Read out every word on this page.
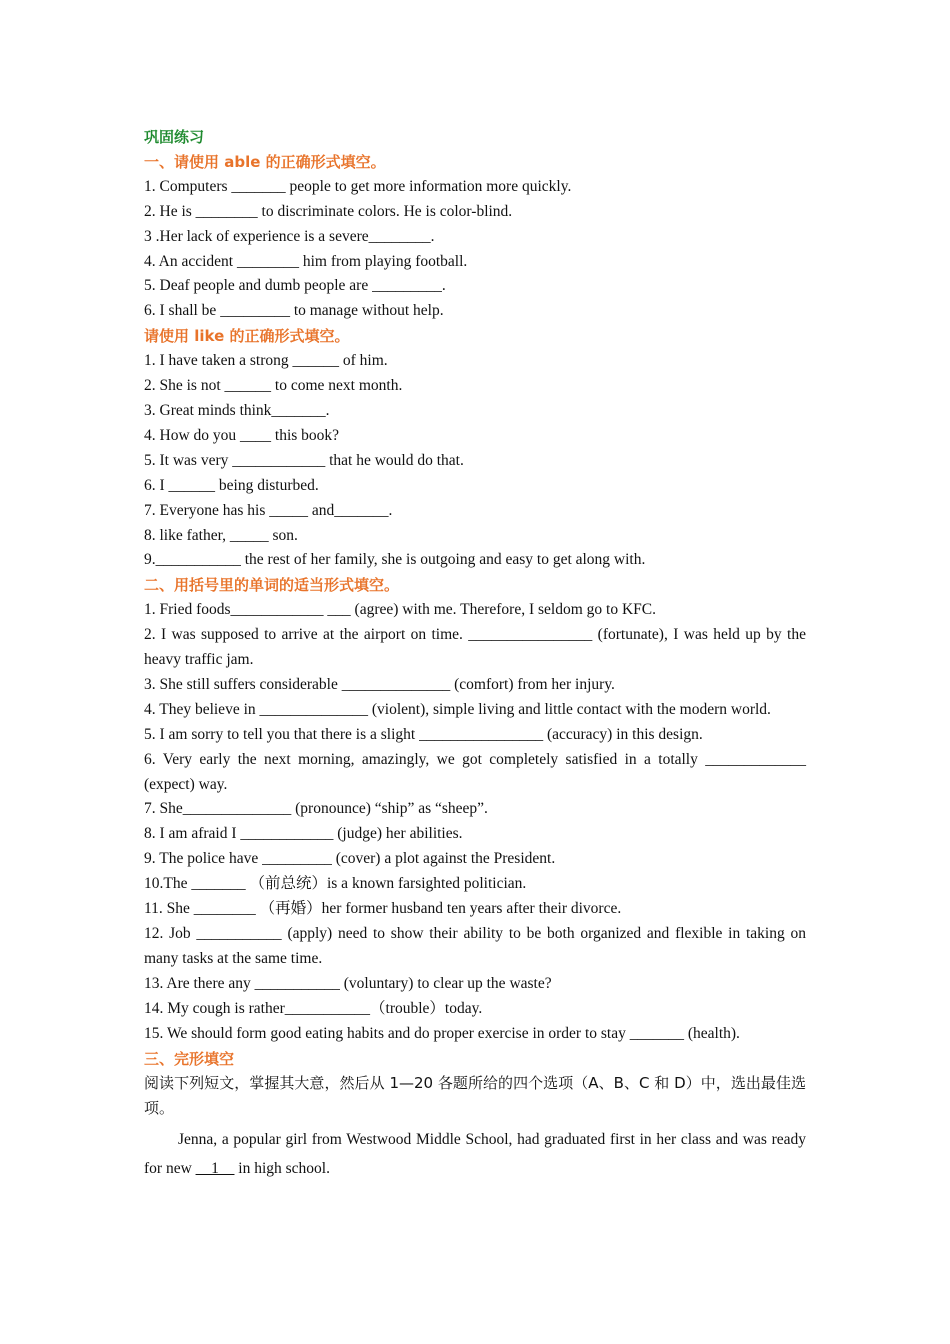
巩固练习
一、请使用 able 的正确形式填空。
1. Computers _______ people to get more information more quickly.
2. He is ________ to discriminate colors. He is color-blind.
3 .Her lack of experience is a severe________.
4. An accident ________ him from playing football.
5. Deaf people and dumb people are _________.
6. I shall be _________ to manage without help.
请使用 like 的正确形式填空。
1. I have taken a strong ______ of him.
2. She is not ______ to come next month.
3. Great minds think_______.
4. How do you ____ this book?
5. It was very ____________ that he would do that.
6. I ______ being disturbed.
7. Everyone has his _____ and_______.
8. like father, _____ son.
9.___________ the rest of her family, she is outgoing and easy to get along with.
二、用括号里的单词的适当形式填空。
1. Fried foods____________ ___ (agree) with me. Therefore, I seldom go to KFC.
2. I was supposed to arrive at the airport on time. ________________ (fortunate), I was held up by the heavy traffic jam.
3. She still suffers considerable ______________ (comfort) from her injury.
4. They believe in ______________ (violent), simple living and little contact with the modern world.
5. I am sorry to tell you that there is a slight ________________ (accuracy) in this design.
6. Very early the next morning, amazingly, we got completely satisfied in a totally _____________ (expect) way.
7. She______________ (pronounce) “ship” as “sheep”.
8. I am afraid I ____________ (judge) her abilities.
9. The police have _________ (cover) a plot against the President.
10.The _______ （前总统）is a known farsighted politician.
11. She ________ （再婚）her former husband ten years after their divorce.
12. Job ___________ (apply) need to show their ability to be both organized and flexible in taking on many tasks at the same time.
13. Are there any ___________ (voluntary) to clear up the waste?
14. My cough is rather___________（trouble）today.
15. We should form good eating habits and do proper exercise in order to stay _______ (health).
三、完形填空
阅读下列短文，掌握其大意，然后从 1—20 各题所给的四个选项（A、B、C 和 D）中，选出最佳选项。
Jenna, a popular girl from Westwood Middle School, had graduated first in her class and was ready for new __1__ in high school.
